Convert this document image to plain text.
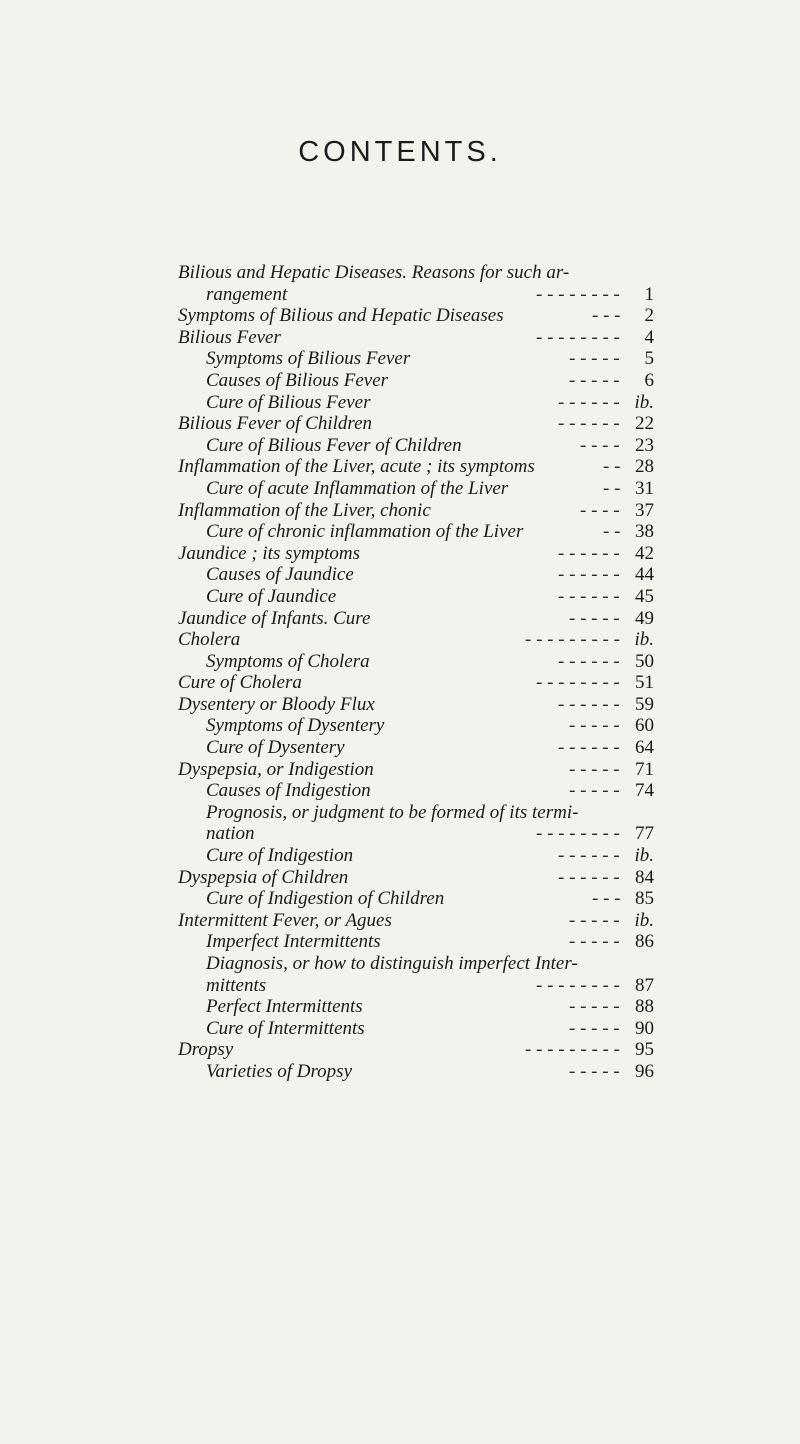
CONTENTS.
Bilious and Hepatic Diseases. Reasons for such ar-
rangement	- - - - - - - - 1
Symptoms of Bilious and Hepatic Diseases	- - - 2
Bilious Fever	- - - - - - - - 4
Symptoms of Bilious Fever	- - - - - 5
Causes of Bilious Fever	- - - - - 6
Cure of Bilious Fever	- - - - - - ib.
Bilious Fever of Children	- - - - - - 22
Cure of Bilious Fever of Children	- - - - 23
Inflammation of the Liver, acute ; its symptoms	- - 28
Cure of acute Inflammation of the Liver	- - 31
Inflammation of the Liver, chonic	- - - - 37
Cure of chronic inflammation of the Liver	- - 38
Jaundice ; its symptoms	- - - - - - 42
Causes of Jaundice	- - - - - - 44
Cure of Jaundice	- - - - - - 45
Jaundice of Infants. Cure	- - - - - 49
Cholera	- - - - - - - - - ib.
Symptoms of Cholera	- - - - - - 50
Cure of Cholera	- - - - - - - - 51
Dysentery or Bloody Flux	- - - - - - 59
Symptoms of Dysentery	- - - - - 60
Cure of Dysentery	- - - - - - 64
Dyspepsia, or Indigestion	- - - - - 71
Causes of Indigestion	- - - - - 74
Prognosis, or judgment to be formed of its termi-
nation	- - - - - - - - 77
Cure of Indigestion	- - - - - - ib.
Dyspepsia of Children	- - - - - - 84
Cure of Indigestion of Children	- - - 85
Intermittent Fever, or Agues	- - - - - ib.
Imperfect Intermittents	- - - - - 86
Diagnosis, or how to distinguish imperfect Inter-
mittents	- - - - - - - - 87
Perfect Intermittents	- - - - - 88
Cure of Intermittents	- - - - - 90
Dropsy	- - - - - - - - - 95
Varieties of Dropsy	- - - - - 96
